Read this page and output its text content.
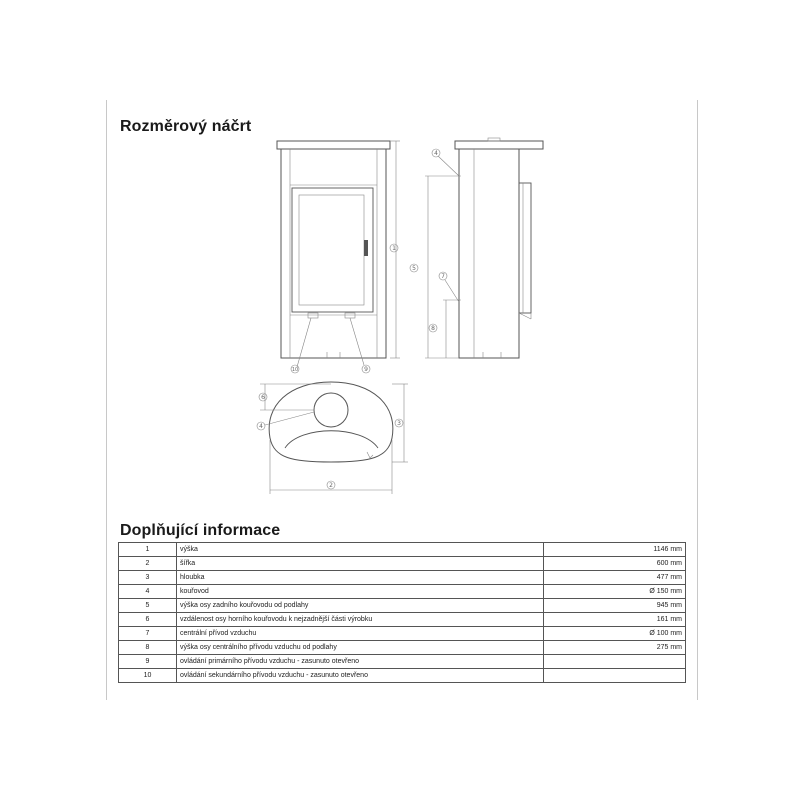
Rozměrový náčrt
1
10	9
4
5
7
8
6
4	3
2
Doplňující informace
1	výška	1146 mm
2	šířka	600 mm
3	hloubka	477 mm
4	kouřovod	Ø 150 mm
5	výška osy zadního kouřovodu od podlahy	945 mm
6	vzdálenost osy horního kouřovodu k nejzadnější části výrobku	161 mm
7	centrální přívod vzduchu	Ø 100 mm
8	výška osy centrálního přívodu vzduchu od podlahy	275 mm
9	ovládání primárního přívodu vzduchu - zasunuto otevřeno	
10	ovládání sekundárního přívodu vzduchu - zasunuto otevřeno	
